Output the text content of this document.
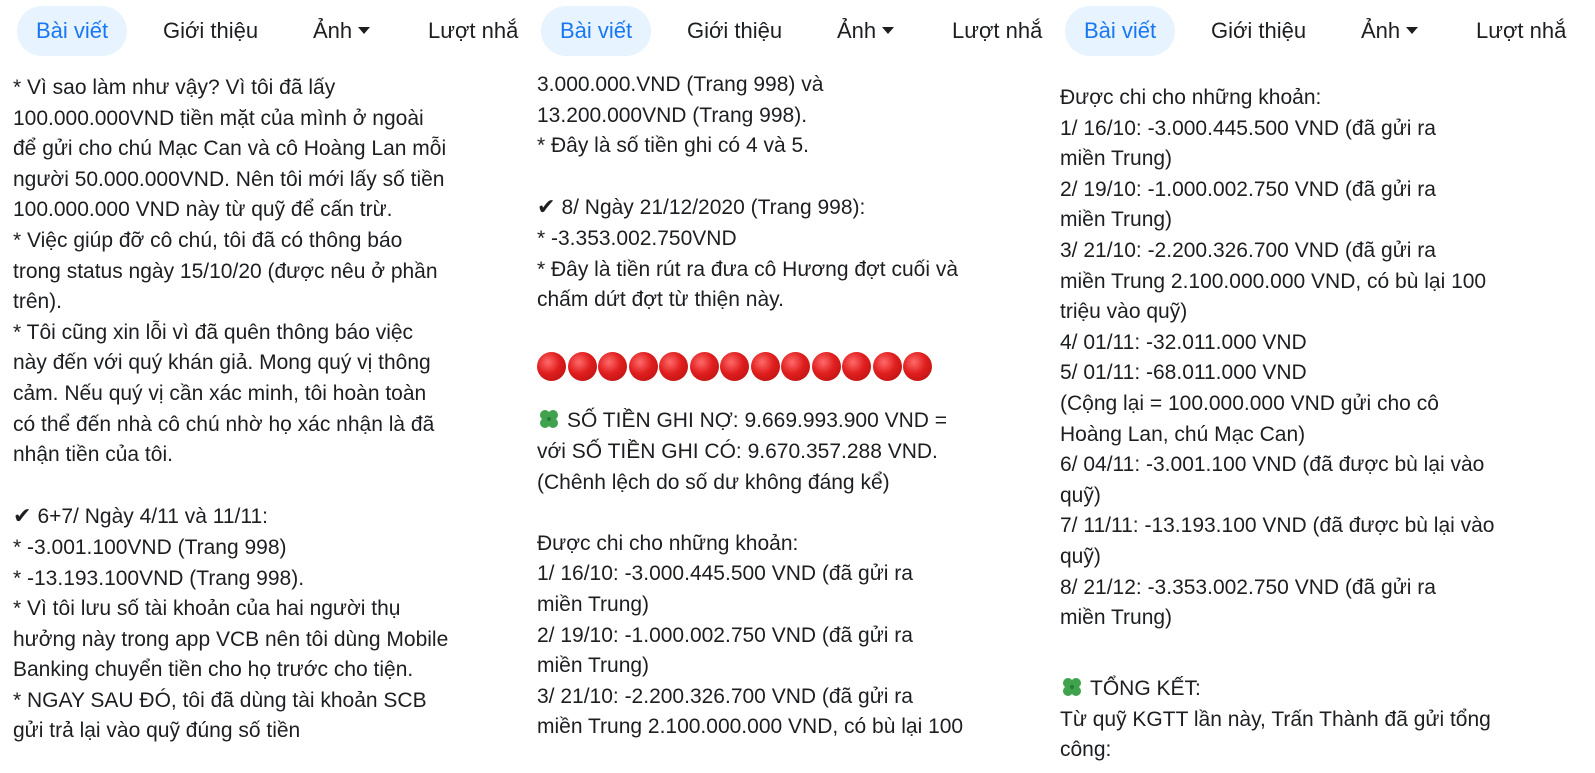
Bài viết	Giới thiệu Ảnh	Lượt nhắ
* Vì sao làm như vậy? Vì tôi đã lấy
100.000.000VND tiền mặt của mình ở ngoài
để gửi cho chú Mạc Can và cô Hoàng Lan mỗi
người 50.000.000VND. Nên tôi mới lấy số tiền
100.000.000 VND này từ quỹ để cấn trừ.
* Việc giúp đỡ cô chú, tôi đã có thông báo
trong status ngày 15/10/20 (được nêu ở phần
trên).
* Tôi cũng xin lỗi vì đã quên thông báo việc
này đến với quý khán giả. Mong quý vị thông
cảm. Nếu quý vị cần xác minh, tôi hoàn toàn
có thể đến nhà cô chú nhờ họ xác nhận là đã
nhận tiền của tôi.
✔ 6+7/ Ngày 4/11 và 11/11:
* -3.001.100VND (Trang 998)
* -13.193.100VND (Trang 998).
* Vì tôi lưu số tài khoản của hai người thụ
hưởng này trong app VCB nên tôi dùng Mobile
Banking chuyển tiền cho họ trước cho tiện.
* NGAY SAU ĐÓ, tôi đã dùng tài khoản SCB
gửi trả lại vào quỹ đúng số tiền
Bài viết	Giới thiệu Ảnh	Lượt nhắ
3.000.000.VND (Trang 998) và
13.200.000VND (Trang 998).
* Đây là số tiền ghi có 4 và 5.
✔ 8/ Ngày 21/12/2020 (Trang 998):
* -3.353.002.750VND
* Đây là tiền rút ra đưa cô Hương đợt cuối và
chấm dứt đợt từ thiện này.
SỐ TIỀN GHI NỢ: 9.669.993.900 VND =
với SỐ TIỀN GHI CÓ: 9.670.357.288 VND.
(Chênh lệch do số dư không đáng kể)
Được chi cho những khoản:
1/ 16/10: -3.000.445.500 VND (đã gửi ra
miền Trung)
2/ 19/10: -1.000.002.750 VND (đã gửi ra
miền Trung)
3/ 21/10: -2.200.326.700 VND (đã gửi ra
miền Trung 2.100.000.000 VND, có bù lại 100
Bài viết	Giới thiệu Ảnh	Lượt nhắ
Được chi cho những khoản:
1/ 16/10: -3.000.445.500 VND (đã gửi ra
miền Trung)
2/ 19/10: -1.000.002.750 VND (đã gửi ra
miền Trung)
3/ 21/10: -2.200.326.700 VND (đã gửi ra
miền Trung 2.100.000.000 VND, có bù lại 100
triệu vào quỹ)
4/ 01/11: -32.011.000 VND
5/ 01/11: -68.011.000 VND
(Cộng lại = 100.000.000 VND gửi cho cô
Hoàng Lan, chú Mạc Can)
6/ 04/11: -3.001.100 VND (đã được bù lại vào
quỹ)
7/ 11/11: -13.193.100 VND (đã được bù lại vào
quỹ)
8/ 21/12: -3.353.002.750 VND (đã gửi ra
miền Trung)
TỔNG KẾT:
Từ quỹ KGTT lần này, Trấn Thành đã gửi tổng
công:
